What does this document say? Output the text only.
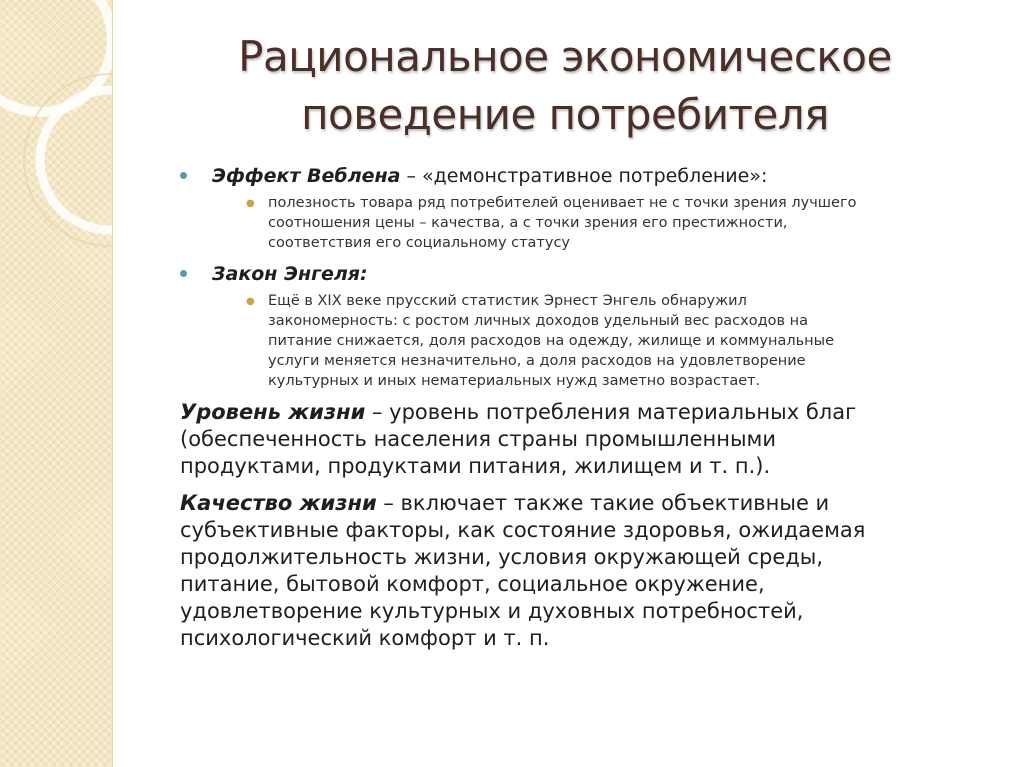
Рациональное экономическое
поведение потребителя
Эффект Веблена – «демонстративное потребление»:
● полезность товара ряд потребителей оценивает не с точки зрения лучшего
соотношения цены – качества, а с точки зрения его престижности,
соответствия его социальному статусу
Закон Энгеля:
● Ещё в XIX веке прусский статистик Эрнест Энгель обнаружил
закономерность: с ростом личных доходов удельный вес расходов на
питание снижается, доля расходов на одежду, жилище и коммунальные
услуги меняется незначительно, а доля расходов на удовлетворение
культурных и иных нематериальных нужд заметно возрастает.
Уровень жизни – уровень потребления материальных благ
(обеспеченность населения страны промышленными
продуктами, продуктами питания, жилищем и т. п.).
Качество жизни – включает также такие объективные и
субъективные факторы, как состояние здоровья, ожидаемая
продолжительность жизни, условия окружающей среды,
питание, бытовой комфорт, социальное окружение,
удовлетворение культурных и духовных потребностей,
психологический комфорт и т. п.
